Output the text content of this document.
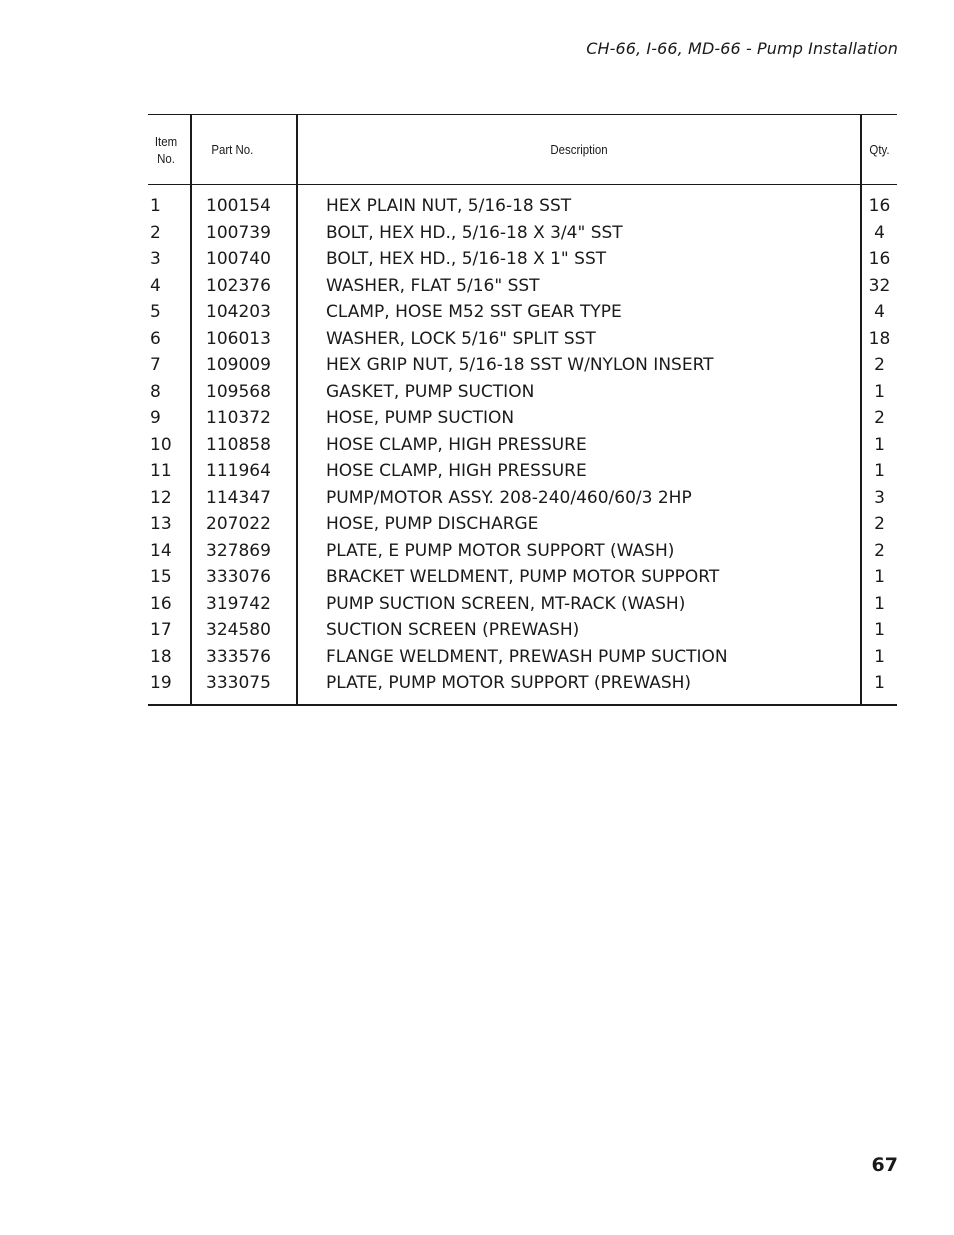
CH-66, I-66, MD-66 - Pump Installation
Item
No.
Part No.	Description	Qty.
1	100154	HEX PLAIN NUT, 5/16-18 SST	16
2	100739	BOLT, HEX HD., 5/16-18 X 3/4" SST	4
3	100740	BOLT, HEX HD., 5/16-18 X 1" SST	16
4	102376	WASHER, FLAT 5/16" SST	32
5	104203	CLAMP, HOSE M52 SST GEAR TYPE	4
6	106013	WASHER, LOCK 5/16" SPLIT SST	18
7	109009	HEX GRIP NUT, 5/16-18 SST W/NYLON INSERT	2
8	109568	GASKET, PUMP SUCTION	1
9	110372	HOSE, PUMP SUCTION	2
10 110858	HOSE CLAMP, HIGH PRESSURE	1
11 111964	HOSE CLAMP, HIGH PRESSURE	1
12 114347	PUMP/MOTOR ASSY. 208-240/460/60/3 2HP	3
13 207022	HOSE, PUMP DISCHARGE	2
14 327869	PLATE, E PUMP MOTOR SUPPORT (WASH)	2
15 333076	BRACKET WELDMENT, PUMP MOTOR SUPPORT	1
16 319742	PUMP SUCTION SCREEN, MT-RACK (WASH)	1
17 324580	SUCTION SCREEN (PREWASH)	1
18 333576	FLANGE WELDMENT, PREWASH PUMP SUCTION	1
19 333075	PLATE, PUMP MOTOR SUPPORT (PREWASH)	1
67
